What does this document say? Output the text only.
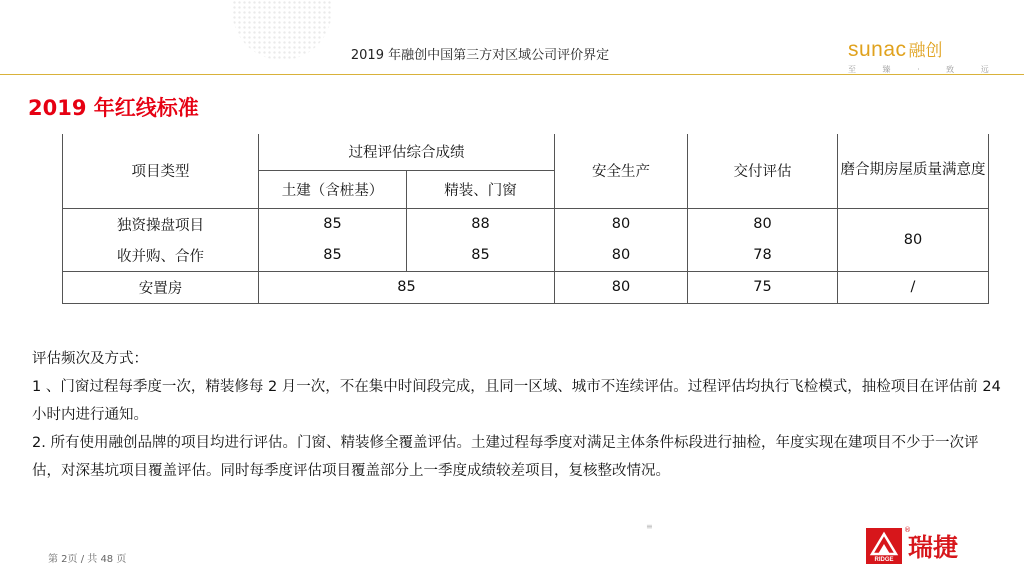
2019 年融创中国第三方对区域公司评价界定	sunac 融创
至 臻 · 致 远
2019 年红线标准
项目类型	过程评估综合成绩		安全生产	交付评估	磨合期房屋质量满意度
	土建（含桩基）	精装、门窗			
独资操盘项目	85	88	80	80	80
收并购、合作	85	85	80	78	
安置房	85		80	75	/

评估频次及方式：

1 、门窗过程每季度一次，精装修每 2 月一次，不在集中时间段完成，且同一区域、城市不连续评估。过程评估均执行飞检模式，抽检项目在评估前 24 小时内进行通知。

2. 所有使用融创品牌的项目均进行评估。门窗、精装修全覆盖评估。土建过程每季度对满足主体条件标段进行抽检，年度实现在建项目不少于一次评估，对深基坑项目覆盖评估。同时每季度评估项目覆盖部分上一季度成绩较差项目，复核整改情况。

≡
第 2页 / 共 48 页	RIDGE
®
瑞捷
